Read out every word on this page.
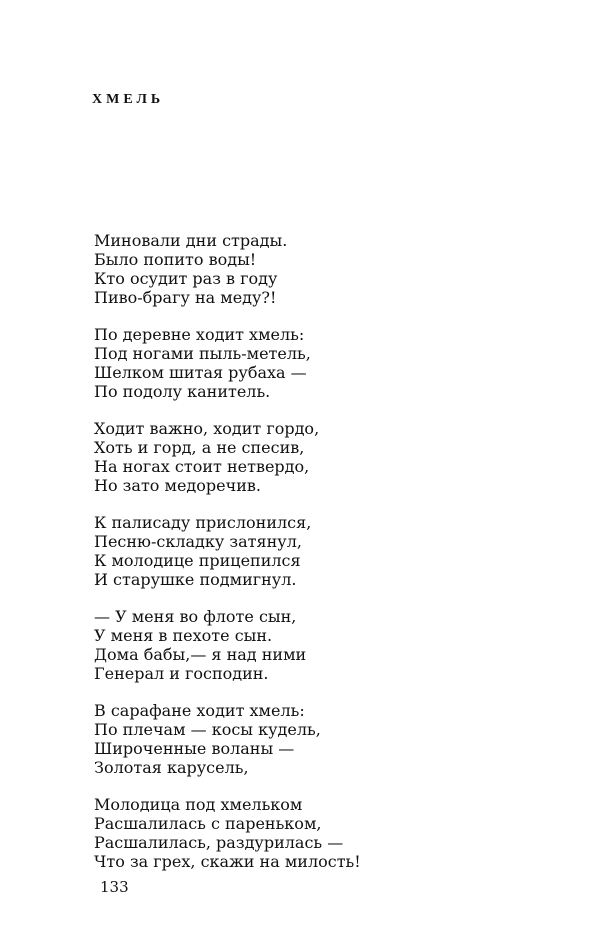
ХМЕЛЬ
Миновали дни страды.
Было попито воды!
Кто осудит раз в году
Пиво-брагу на меду?!
По деревне ходит хмель:
Под ногами пыль-метель,
Шелком шитая рубаха —
По подолу канитель.
Ходит важно, ходит гордо,
Хоть и горд, а не спесив,
На ногах стоит нетвердо,
Но зато медоречив.
К палисаду прислонился,
Песню-складку затянул,
К молодице прицепился
И старушке подмигнул.
— У меня во флоте сын,
У меня в пехоте сын.
Дома бабы,— я над ними
Генерал и господин.
В сарафане ходит хмель:
По плечам — косы кудель,
Широченные воланы —
Золотая карусель,
Молодица под хмельком
Расшалилась с пареньком,
Расшалилась, раздурилась —
Что за грех, скажи на милость!
133
